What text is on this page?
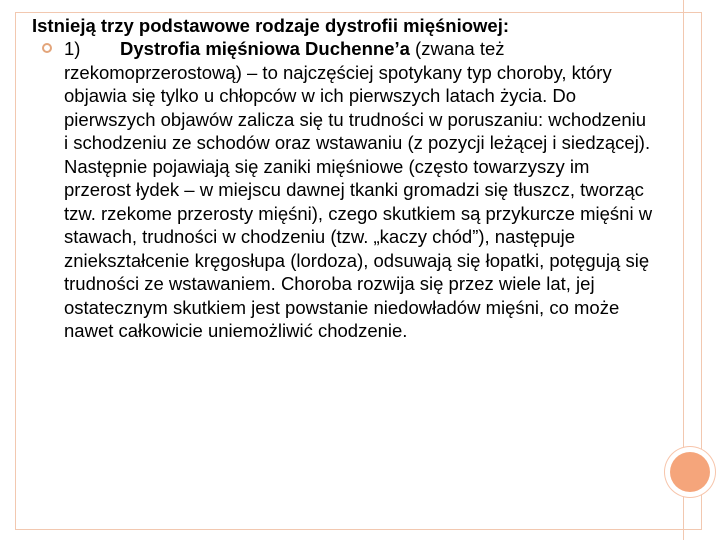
Istnieją trzy podstawowe rodzaje dystrofii mięśniowej:

1) Dystrofia mięśniowa Duchenne’a (zwana też rzekomoprzerostową) – to najczęściej spotykany typ choroby, który objawia się tylko u chłopców w ich pierwszych latach życia. Do pierwszych objawów zalicza się tu trudności w poruszaniu: wchodzeniu i schodzeniu ze schodów oraz wstawaniu (z pozycji leżącej i siedzącej). Następnie pojawiają się zaniki mięśniowe (często towarzyszy im przerost łydek – w miejscu dawnej tkanki gromadzi się tłuszcz, tworząc tzw. rzekome przerosty mięśni), czego skutkiem są przykurcze mięśni w stawach, trudności w chodzeniu (tzw. „kaczy chód”), następuje zniekształcenie kręgosłupa (lordoza), odsuwają się łopatki, potęgują się trudności ze wstawaniem. Choroba rozwija się przez wiele lat, jej ostatecznym skutkiem jest powstanie niedowładów mięśni, co może nawet całkowicie uniemożliwić chodzenie.
